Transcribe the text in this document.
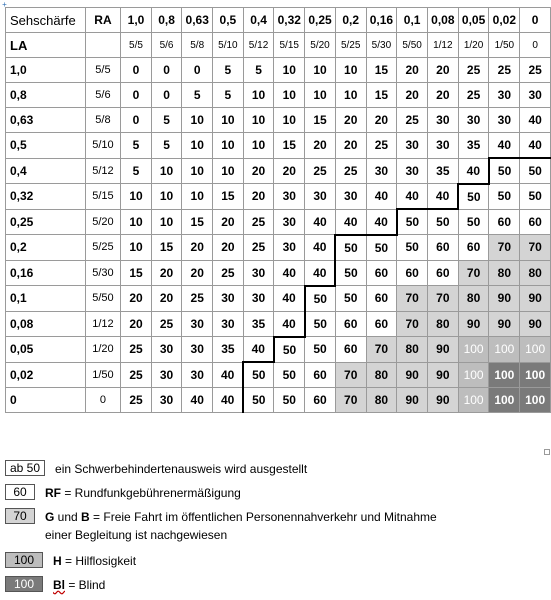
+
Sehschärfe	RA	1,0	0,8	0,63	0,5	0,4	0,32	0,25	0,2	0,16	0,1	0,08	0,05	0,02	0
LA		5/5	5/6	5/8	5/10	5/12	5/15	5/20	5/25	5/30	5/50	1/12	1/20	1/50	0
1,0	5/5	0	0	0	5	5	10	10	10	15	20	20	25	25	25
0,8	5/6	0	0	5	5	10	10	10	10	15	20	20	25	30	30
0,63	5/8	0	5	10	10	10	10	15	20	20	25	30	30	30	40
0,5	5/10	5	5	10	10	10	15	20	20	25	30	30	35	40	40
0,4	5/12	5	10	10	10	20	20	25	25	30	30	35	40	50	50
0,32	5/15	10	10	10	15	20	30	30	30	40	40	40	50	50	50
0,25	5/20	10	10	15	20	25	30	40	40	40	50	50	50	60	60
0,2	5/25	10	15	20	20	25	30	40	50	50	50	60	60	70	70
0,16	5/30	15	20	20	25	30	40	40	50	60	60	60	70	80	80
0,1	5/50	20	20	25	30	30	40	50	50	60	70	70	80	90	90
0,08	1/12	20	25	30	30	35	40	50	60	60	70	80	90	90	90
0,05	1/20	25	30	30	35	40	50	50	60	70	80	90	100	100	100
0,02	1/50	25	30	30	40	50	50	60	70	80	90	90	100	100	100
0	0	25	30	40	40	50	50	60	70	80	90	90	100	100	100
ab 50	ein Schwerbehindertenausweis wird ausgestellt
60	RF = Rundfunkgebührenermäßigung
70	G und B = Freie Fahrt im öffentlichen Personennahverkehr und Mitnahme
einer Begleitung ist nachgewiesen
100	H = Hilflosigkeit
100	Bl = Blind
